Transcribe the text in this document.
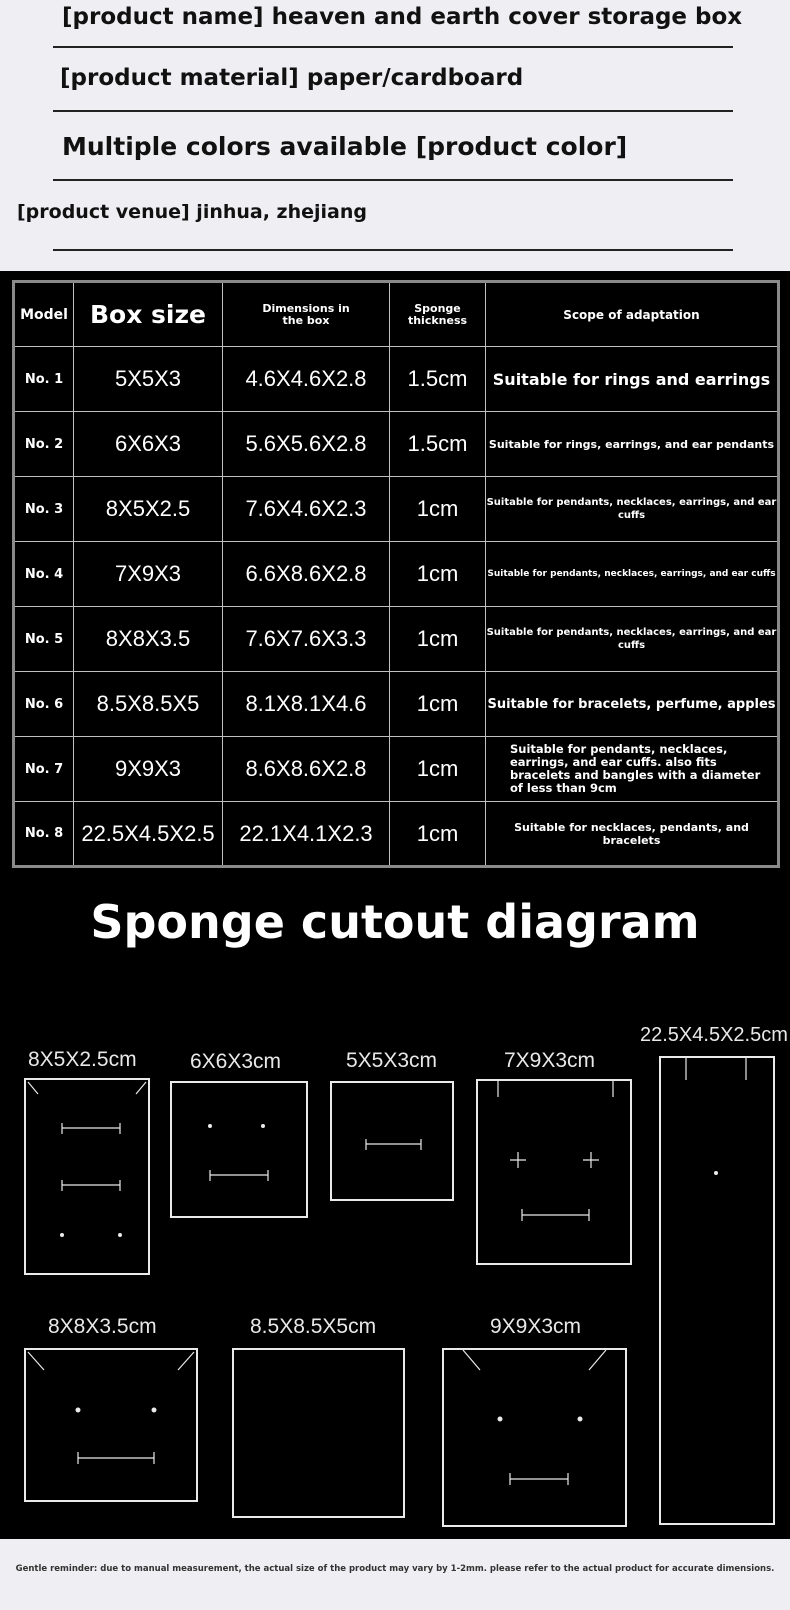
[product name] heaven and earth cover storage box
[product material] paper/cardboard
Multiple colors available [product color]
[product venue] jinhua, zhejiang
Model	Box size	Dimensions in the box	Sponge thickness	Scope of adaptation
No. 1	5X5X3	4.6X4.6X2.8	1.5cm	Suitable for rings and earrings
No. 2	6X6X3	5.6X5.6X2.8	1.5cm	Suitable for rings, earrings, and ear pendants
No. 3	8X5X2.5	7.6X4.6X2.3	1cm	Suitable for pendants, necklaces, earrings, and ear cuffs
No. 4	7X9X3	6.6X8.6X2.8	1cm	Suitable for pendants, necklaces, earrings, and ear cuffs
No. 5	8X8X3.5	7.6X7.6X3.3	1cm	Suitable for pendants, necklaces, earrings, and ear cuffs
No. 6	8.5X8.5X5	8.1X8.1X4.6	1cm	Suitable for bracelets, perfume, apples
No. 7	9X9X3	8.6X8.6X2.8	1cm	Suitable for pendants, necklaces, earrings, and ear cuffs. also fits bracelets and bangles with a diameter of less than 9cm
No. 8	22.5X4.5X2.5	22.1X4.1X2.3	1cm	Suitable for necklaces, pendants, and bracelets
Sponge cutout diagram
8X5X2.5cm	6X6X3cm	5X5X3cm	7X9X3cm
22.5X4.5X2.5cm
8X8X3.5cm	8.5X8.5X5cm	9X9X3cm
Gentle reminder: due to manual measurement, the actual size of the product may vary by 1-2mm. please refer to the actual product for accurate dimensions.
